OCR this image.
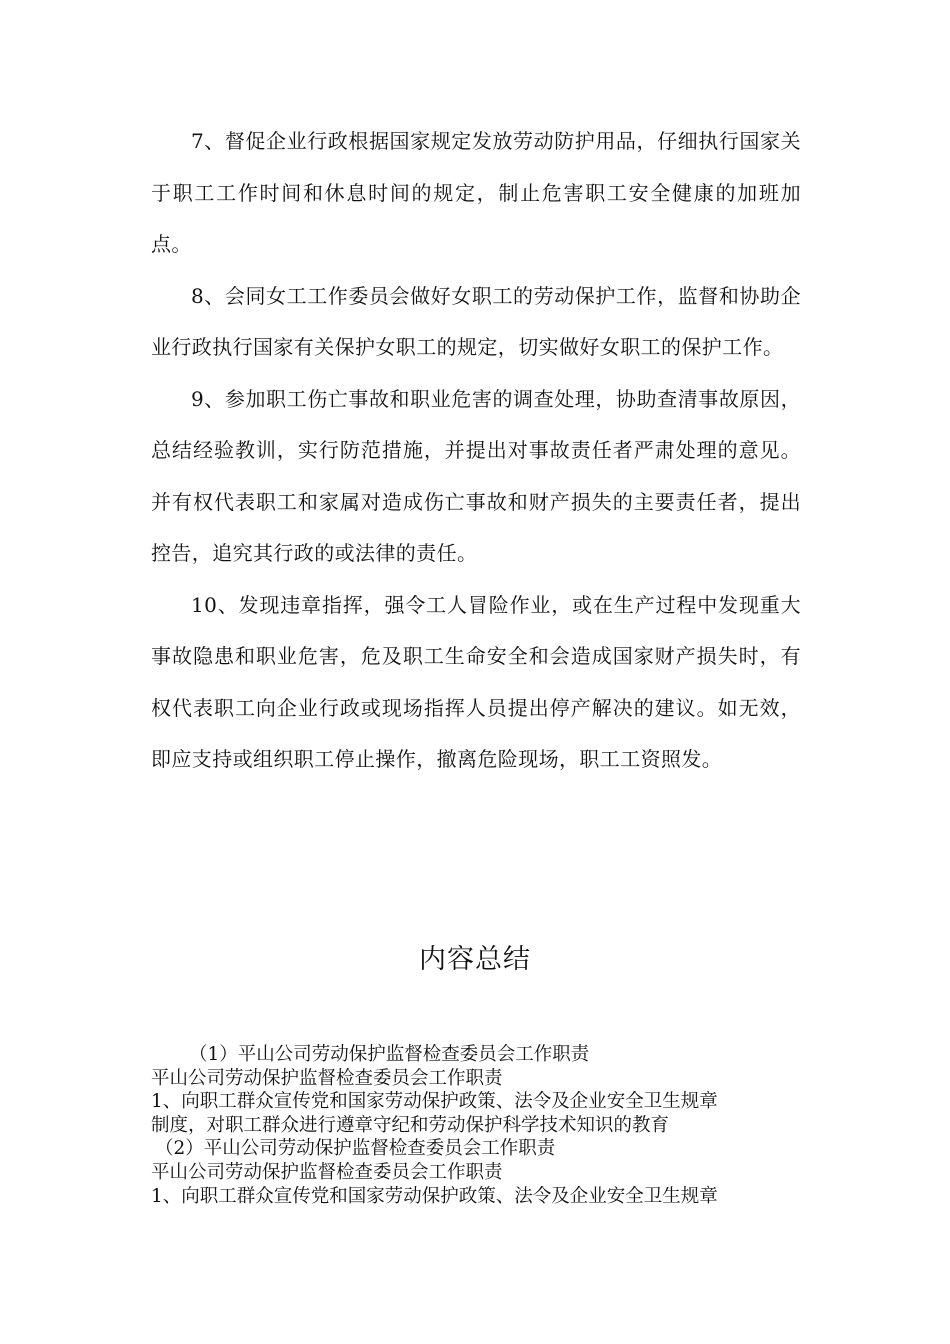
7、督促企业行政根据国家规定发放劳动防护用品，仔细执行国家关于职工工作时间和休息时间的规定，制止危害职工安全健康的加班加点。

8、会同女工工作委员会做好女职工的劳动保护工作，监督和协助企业行政执行国家有关保护女职工的规定，切实做好女职工的保护工作。

9、参加职工伤亡事故和职业危害的调查处理，协助查清事故原因，总结经验教训，实行防范措施，并提出对事故责任者严肃处理的意见。并有权代表职工和家属对造成伤亡事故和财产损失的主要责任者，提出控告，追究其行政的或法律的责任。

10、发现违章指挥，强令工人冒险作业，或在生产过程中发现重大事故隐患和职业危害，危及职工生命安全和会造成国家财产损失时，有权代表职工向企业行政或现场指挥人员提出停产解决的建议。如无效，即应支持或组织职工停止操作，撤离危险现场，职工工资照发。

内容总结
（1）平山公司劳动保护监督检查委员会工作职责
平山公司劳动保护监督检查委员会工作职责
1、向职工群众宣传党和国家劳动保护政策、法令及企业安全卫生规章
制度，对职工群众进行遵章守纪和劳动保护科学技术知识的教育
（2）平山公司劳动保护监督检查委员会工作职责
平山公司劳动保护监督检查委员会工作职责
1、向职工群众宣传党和国家劳动保护政策、法令及企业安全卫生规章
